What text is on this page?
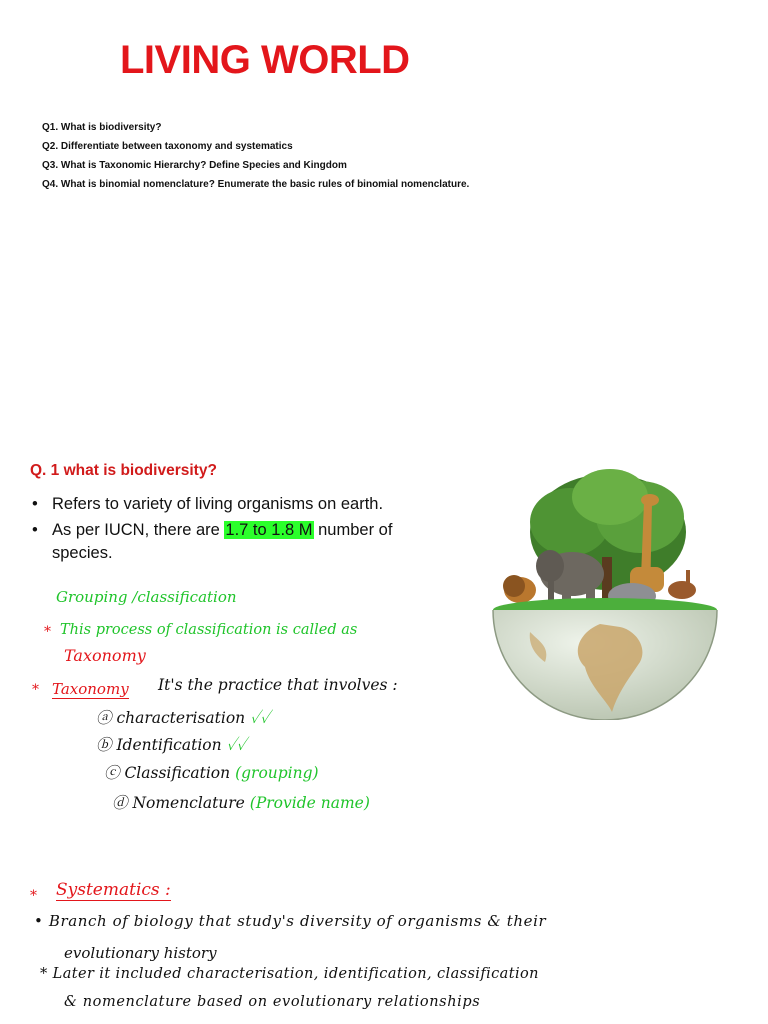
LIVING WORLD
Q1. What is biodiversity?
Q2. Differentiate between taxonomy and systematics
Q3. What is Taxonomic Hierarchy? Define Species and Kingdom
Q4. What is binomial nomenclature? Enumerate the basic rules of binomial nomenclature.
Q. 1 what is biodiversity?
• Refers to variety of living organisms on earth.
• As per IUCN, there are 1.7 to 1.8 M number of species.
Grouping /classification
* This process of classification is called as
Taxonomy
* Taxonomy It's the practice that involves :
ⓐ characterisation ✓✓
ⓑ Identification ✓✓
ⓒ Classification (grouping)
ⓓ Nomenclature (Provide name)
* Systematics :
• Branch of biology that study's diversity of organisms & their
evolutionary history
* Later it included characterisation, identification, classification
& nomenclature based on evolutionary relationships
